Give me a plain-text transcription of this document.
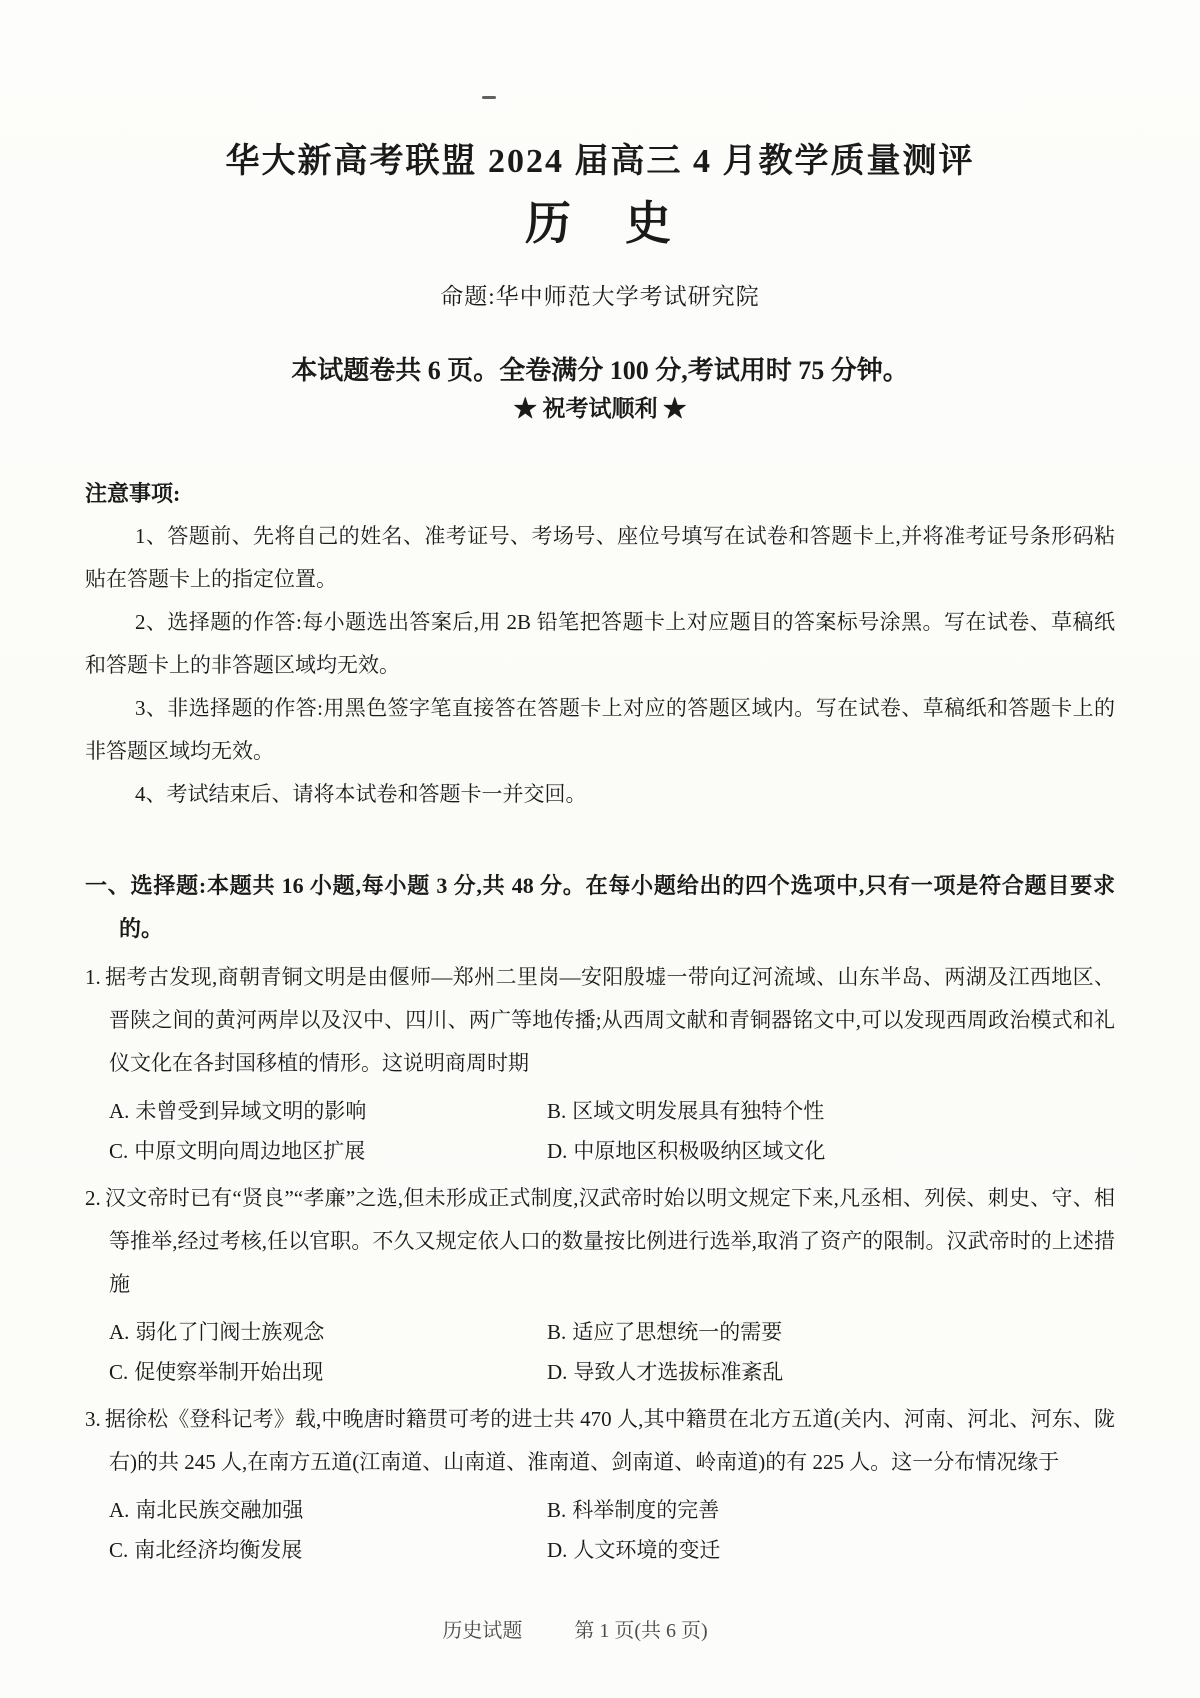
华大新高考联盟 2024 届高三 4 月教学质量测评
历　史
命题:华中师范大学考试研究院
本试题卷共 6 页。全卷满分 100 分,考试用时 75 分钟。
★ 祝考试顺利 ★
注意事项:

1、答题前、先将自己的姓名、准考证号、考场号、座位号填写在试卷和答题卡上,并将准考证号条形码粘贴在答题卡上的指定位置。

2、选择题的作答:每小题选出答案后,用 2B 铅笔把答题卡上对应题目的答案标号涂黑。写在试卷、草稿纸和答题卡上的非答题区域均无效。

3、非选择题的作答:用黑色签字笔直接答在答题卡上对应的答题区域内。写在试卷、草稿纸和答题卡上的非答题区域均无效。

4、考试结束后、请将本试卷和答题卡一并交回。

一、选择题:本题共 16 小题,每小题 3 分,共 48 分。在每小题给出的四个选项中,只有一项是符合题目要求的。

1. 据考古发现,商朝青铜文明是由偃师—郑州二里岗—安阳殷墟一带向辽河流域、山东半岛、两湖及江西地区、晋陕之间的黄河两岸以及汉中、四川、两广等地传播;从西周文献和青铜器铭文中,可以发现西周政治模式和礼仪文化在各封国移植的情形。这说明商周时期

A. 未曾受到异域文明的影响	B. 区域文明发展具有独特个性
C. 中原文明向周边地区扩展	D. 中原地区积极吸纳区域文化

2. 汉文帝时已有“贤良”“孝廉”之选,但未形成正式制度,汉武帝时始以明文规定下来,凡丞相、列侯、刺史、守、相等推举,经过考核,任以官职。不久又规定依人口的数量按比例进行选举,取消了资产的限制。汉武帝时的上述措施

A. 弱化了门阀士族观念	B. 适应了思想统一的需要
C. 促使察举制开始出现	D. 导致人才选拔标准紊乱

3. 据徐松《登科记考》载,中晚唐时籍贯可考的进士共 470 人,其中籍贯在北方五道(关内、河南、河北、河东、陇右)的共 245 人,在南方五道(江南道、山南道、淮南道、剑南道、岭南道)的有 225 人。这一分布情况缘于

A. 南北民族交融加强	B. 科举制度的完善
C. 南北经济均衡发展	D. 人文环境的变迁
历史试题	第 1 页(共 6 页)
